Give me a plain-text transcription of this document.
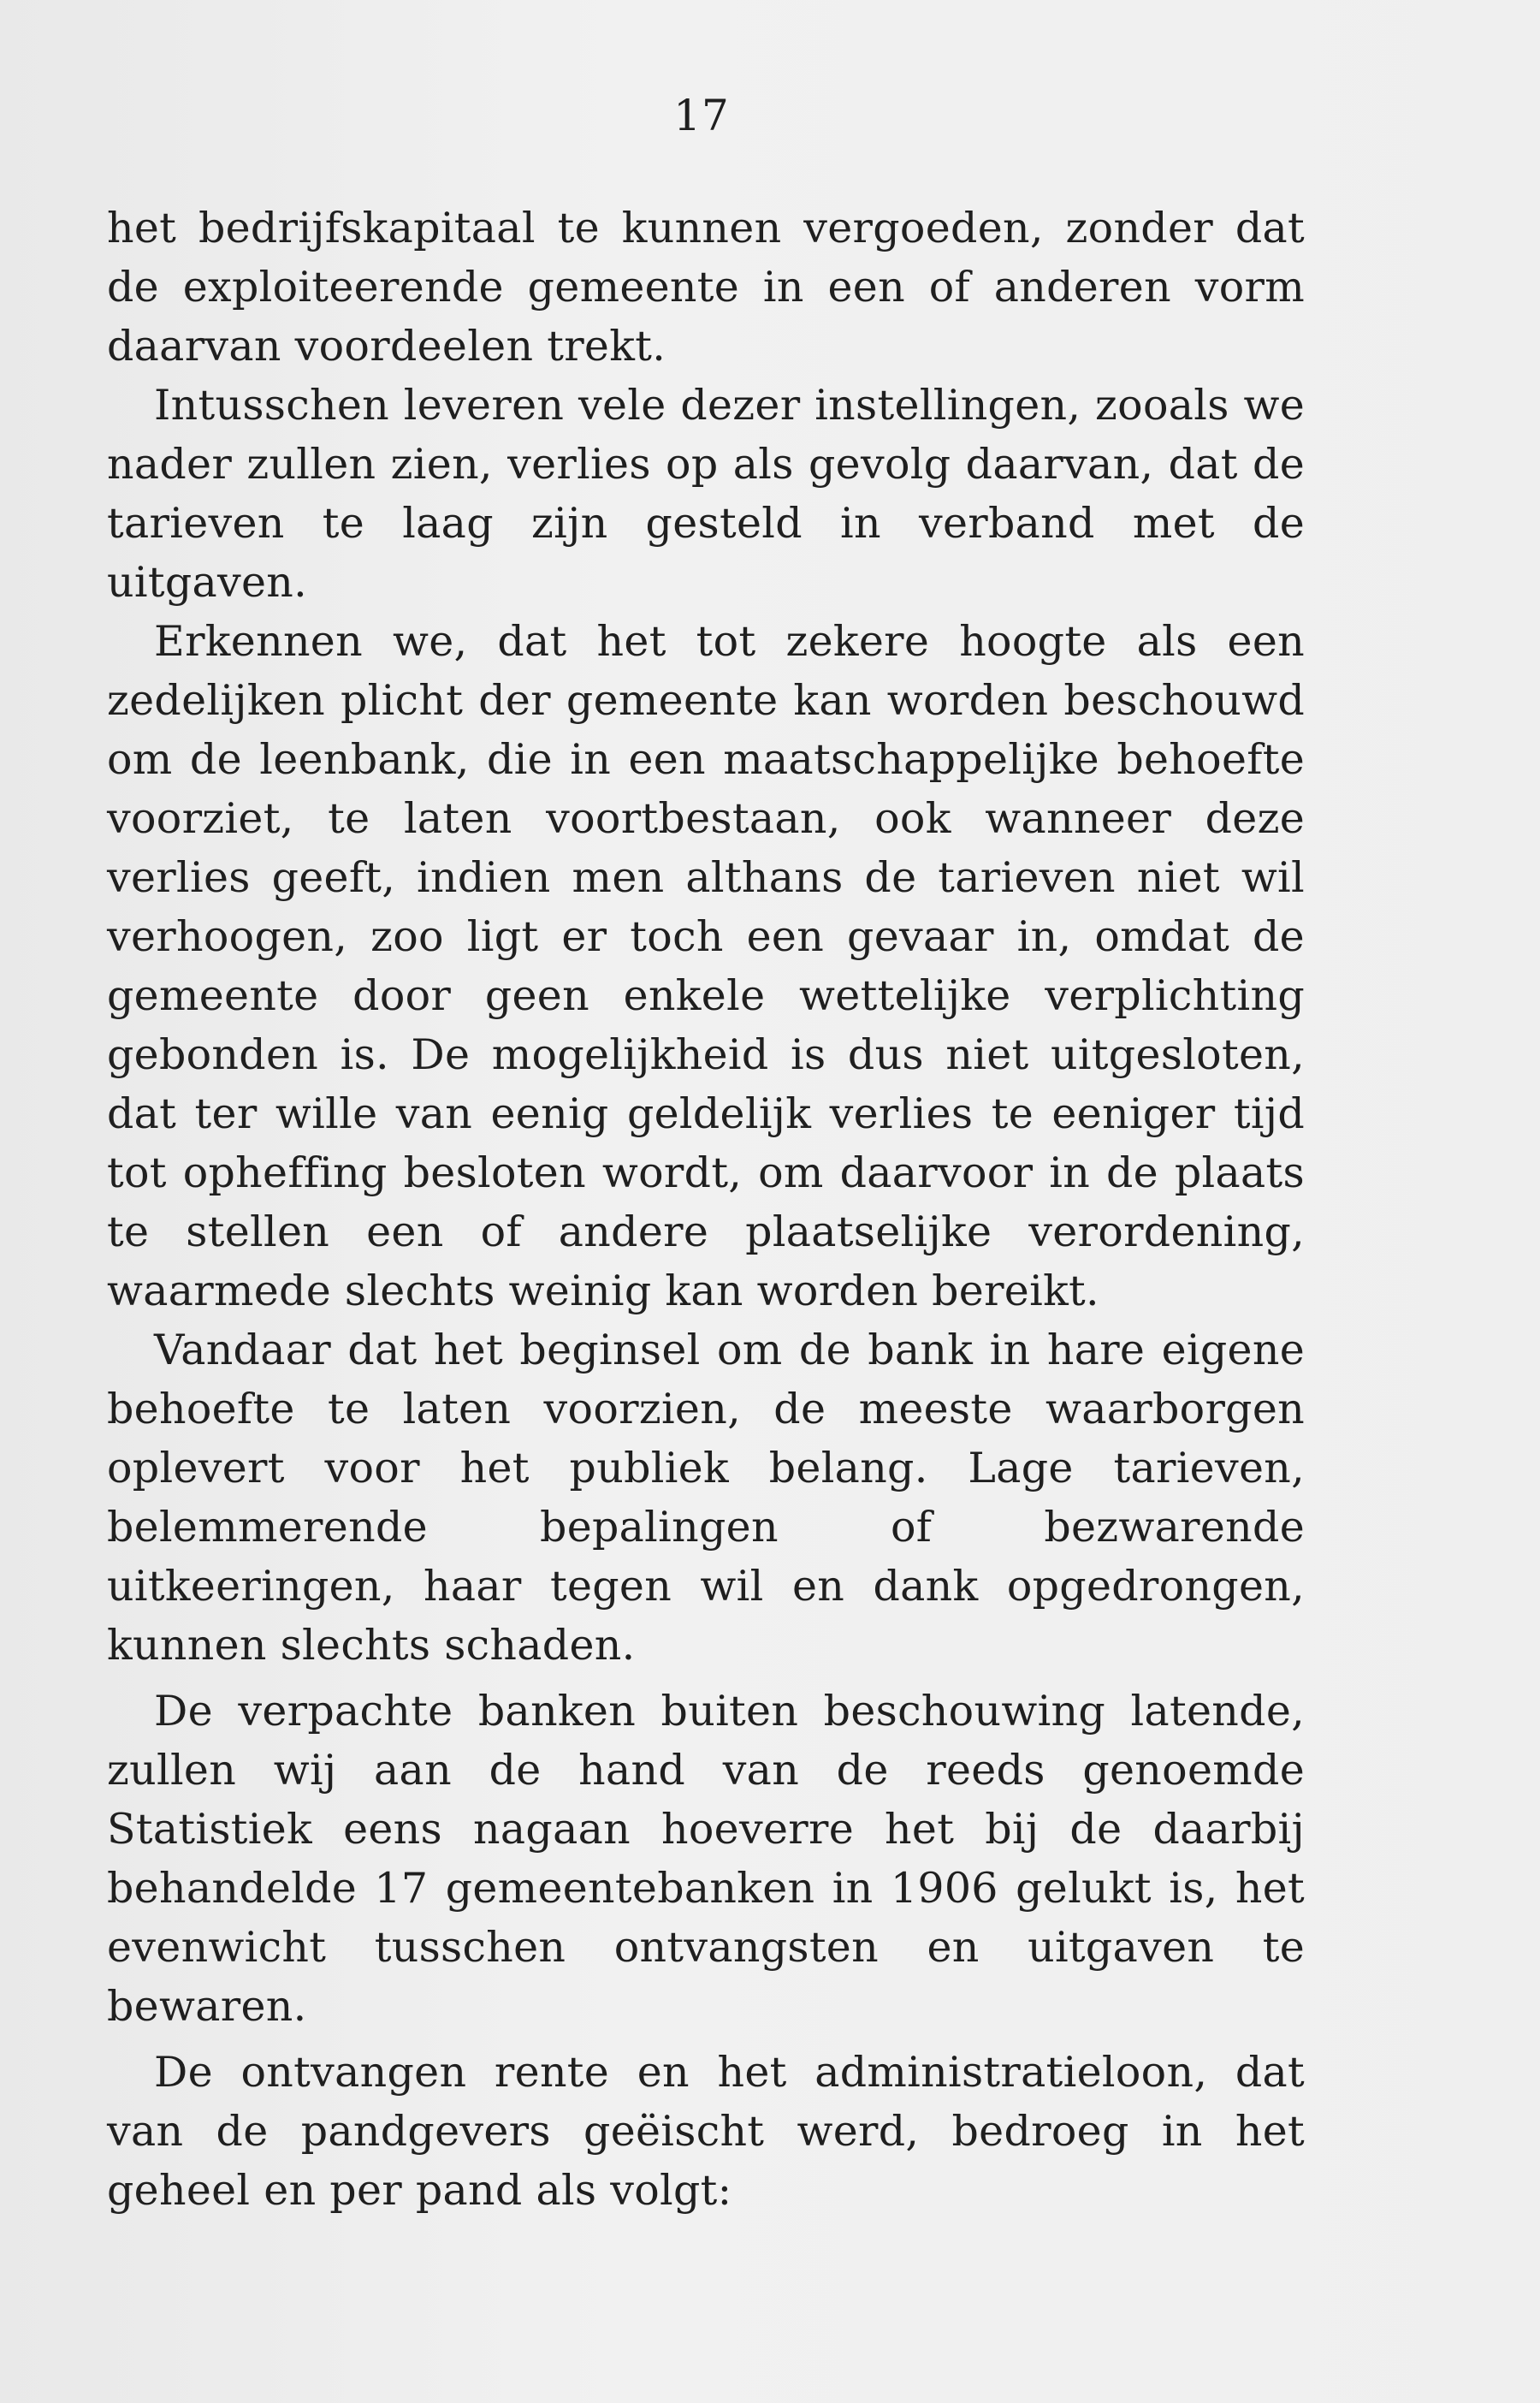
17

het bedrijfskapitaal te kunnen vergoeden, zonder dat de exploiteerende gemeente in een of anderen vorm daarvan voordeelen trekt.

Intusschen leveren vele dezer instellingen, zooals we nader zullen zien, verlies op als gevolg daarvan, dat de tarieven te laag zijn gesteld in verband met de uitgaven.

Erkennen we, dat het tot zekere hoogte als een zedelijken plicht der gemeente kan worden beschouwd om de leenbank, die in een maatschappelijke behoefte voorziet, te laten voortbestaan, ook wanneer deze verlies geeft, indien men althans de tarieven niet wil verhoogen, zoo ligt er toch een gevaar in, omdat de gemeente door geen enkele wettelijke verplichting gebonden is. De mogelijkheid is dus niet uitgesloten, dat ter wille van eenig geldelijk verlies te eeniger tijd tot opheffing besloten wordt, om daarvoor in de plaats te stellen een of andere plaatselijke verordening, waarmede slechts weinig kan worden bereikt.

Vandaar dat het beginsel om de bank in hare eigene behoefte te laten voorzien, de meeste waarborgen oplevert voor het publiek belang. Lage tarieven, belemmerende bepalingen of bezwarende uitkeeringen, haar tegen wil en dank opgedrongen, kunnen slechts schaden.

De verpachte banken buiten beschouwing latende, zullen wij aan de hand van de reeds genoemde Statistiek eens nagaan hoeverre het bij de daarbij behandelde 17 gemeentebanken in 1906 gelukt is, het evenwicht tusschen ontvangsten en uitgaven te bewaren.

De ontvangen rente en het administratieloon, dat van de pandgevers geëischt werd, bedroeg in het geheel en per pand als volgt:
